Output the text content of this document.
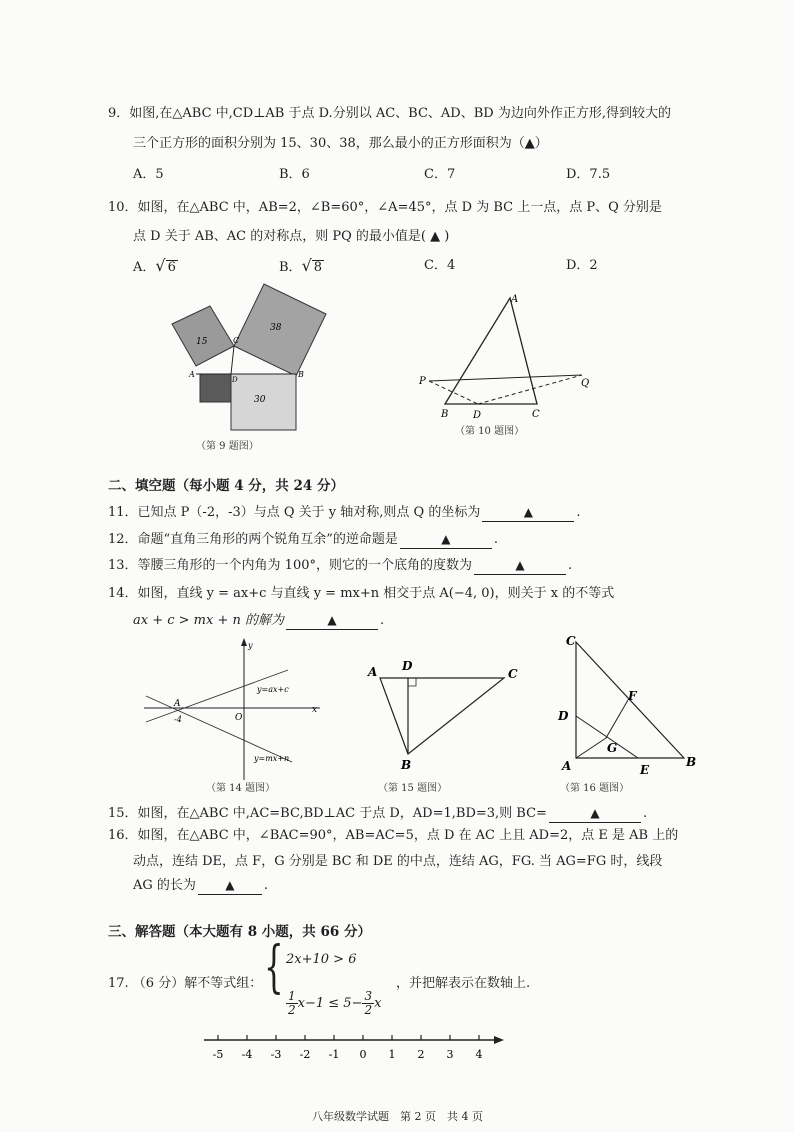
9．如图,在△ABC 中,CD⊥AB 于点 D.分别以 AC、BC、AD、BD 为边向外作正方形,得到较大的
三个正方形的面积分别为 15、30、38，那么最小的正方形面积为（▲）
A．5	B．6	C．7	D．7.5
10．如图，在△ABC 中，AB=2，∠B=60°，∠A=45°，点 D 为 BC 上一点，点 P、Q 分别是
点 D 关于 AB、AC 的对称点，则 PQ 的最小值是( ▲ )
A．√ 6	B．√ 8	C．4	D．2
15
38
30
A
C
D
B
（第 9 题图）
A
P	Q
B D	C
（第 10 题图）
二、填空题（每小题 4 分，共 24 分）
11．已知点 P（-2，-3）与点 Q 关于 y 轴对称,则点 Q 的坐标为	▲	.
12．命题“直角三角形的两个锐角互余”的逆命题是	▲	.
13．等腰三角形的一个内角为 100°，则它的一个底角的度数为	▲	.
14．如图，直线 y = ax+c 与直线 y = mx+n 相交于点 A(−4, 0)，则关于 x 的不等式
ax + c > mx + n 的解为	▲	.
y
y=ax+c
A
-4	O
x
y=mx+n
（第 14 题图）
A D
C
B
（第 15 题图）
C
F
D
G
A	E
B
（第 16 题图）
15．如图，在△ABC 中,AC=BC,BD⊥AC 于点 D，AD=1,BD=3,则 BC=	▲	.
16．如图，在△ABC 中，∠BAC=90°，AB=AC=5，点 D 在 AC 上且 AD=2，点 E 是 AB 上的
动点，连结 DE，点 F，G 分别是 BC 和 DE 的中点，连结 AG，FG. 当 AG=FG 时，线段
AG 的长为 ▲ .
三、解答题（本大题有 8 小题，共 66 分）
17. （6 分）解不等式组： { 2x+10 > 6
$\frac{1}{2} x-1 \le 5- \frac{3}{2}$ x
，并把解表示在数轴上.
-5 -4 -3 -2 -1 0 1 2 3 4
八年级数学试题　第 2 页　共 4 页
